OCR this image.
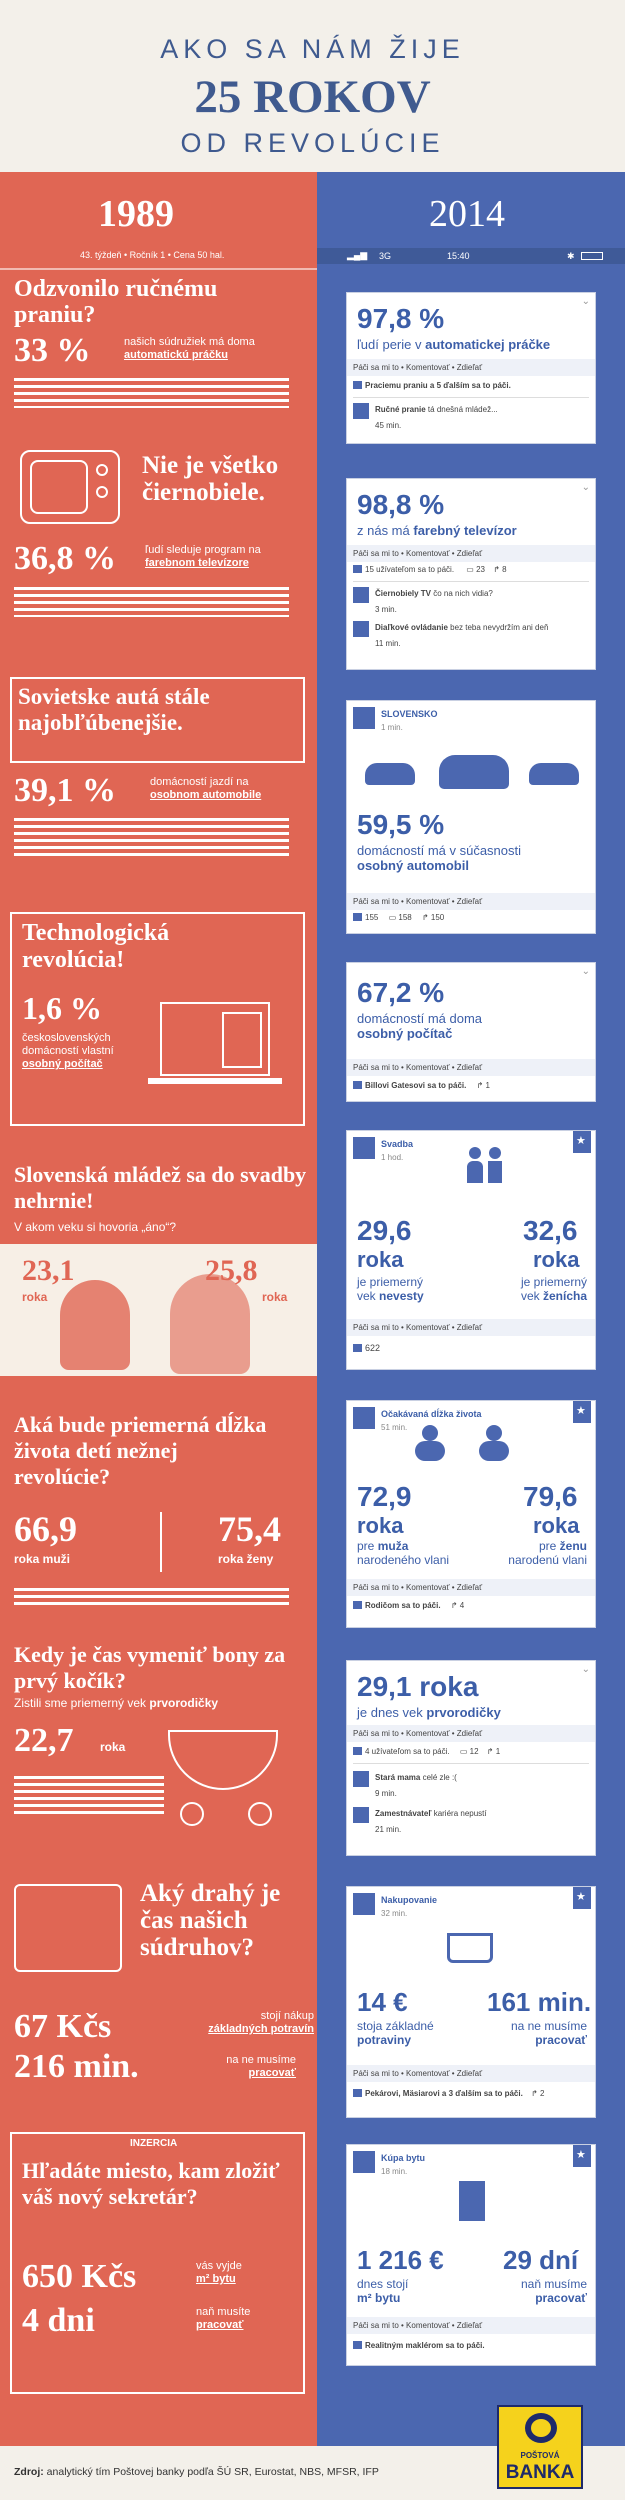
AKO SA NÁM ŽIJE
25 ROKOV
OD REVOLÚCIE
1989
43. týždeň • Ročník 1 • Cena 50 hal.
Odzvonilo ručnému praniu?
33 %	našich súdružiek má doma
automatickú práčku
Nie je všetko čiernobiele.
36,8 %	ľudí sleduje program na
farebnom televízore
Sovietske autá stále najobľúbenejšie.
39,1 %	domácností jazdí na
osobnom automobile
Technologická revolúcia!
1,6 %
československých domácností vlastní
osobný počítač
Slovenská mládež sa do svadby nehrnie!
V akom veku si hovoria „áno“?
23,1
roka
25,8
roka
Aká bude priemerná dĺžka života detí nežnej revolúcie?
66,9
roka muži
75,4
roka ženy
Kedy je čas vymeniť bony za prvý kočík?
Zistili sme priemerný vek prvorodičky
22,7 roka
Aký drahý je čas našich súdruhov?
67 Kčs	stojí nákup
základných potravín
216 min.	na ne musíme
pracovať
INZERCIA
Hľadáte miesto, kam zložiť váš nový sekretár?
650 Kčs	vás vyjde
m² bytu
4 dni	naň musíte
pracovať
2014
▂▄▆ 3G	15:40	✱
⌄
97,8 %
ľudí perie v automatickej práčke
Páči sa mi to • Komentovať • Zdieľať
Praciemu praniu a 5 ďalším sa to páči.
Ručné pranie tá dnešná mládež...
45 min.
⌄
98,8 %
z nás má farebný televízor
Páči sa mi to • Komentovať • Zdieľať
15 užívateľom sa to páči. ▭ 23 ↱ 8
Čiernobiely TV čo na nich vidia?
3 min.
Diaľkové ovládanie bez teba nevydržím ani deň
11 min.
SLOVENSKO
1 min.
59,5 %
domácností má v súčasnosti
osobný automobil
Páči sa mi to • Komentovať • Zdieľať
155 ▭ 158 ↱ 150
⌄
67,2 %
domácností má doma
osobný počítač
Páči sa mi to • Komentovať • Zdieľať
Billovi Gatesovi sa to páči. ↱ 1
★
Svadba
1 hod.
29,6
roka
je priemerný
vek nevesty
32,6
roka
je priemerný
vek ženícha
Páči sa mi to • Komentovať • Zdieľať
622
★
Očakávaná dĺžka života
51 min.
72,9
roka
pre muža
narodeného vlani
79,6
roka
pre ženu
narodenú vlani
Páči sa mi to • Komentovať • Zdieľať
Rodičom sa to páči. ↱ 4
⌄
29,1 roka
je dnes vek prvorodičky
Páči sa mi to • Komentovať • Zdieľať
4 užívateľom sa to páči. ▭ 12 ↱ 1
Stará mama celé zle :(
9 min.
Zamestnávateľ kariéra nepustí
21 min.
★
Nakupovanie
32 min.
14 €
stoja základné
potraviny
161 min.
na ne musíme
pracovať
Páči sa mi to • Komentovať • Zdieľať
Pekárovi, Mäsiarovi a 3 ďalším sa to páči. ↱ 2
★
Kúpa bytu
18 min.
1 216 €
dnes stojí
m² bytu
29 dní
naň musíme
pracovať
Páči sa mi to • Komentovať • Zdieľať
Realitným maklérom sa to páči.
Zdroj: analytický tím Poštovej banky podľa ŠÚ SR, Eurostat, NBS, MFSR, IFP
POŠTOVÁ
BANKA
